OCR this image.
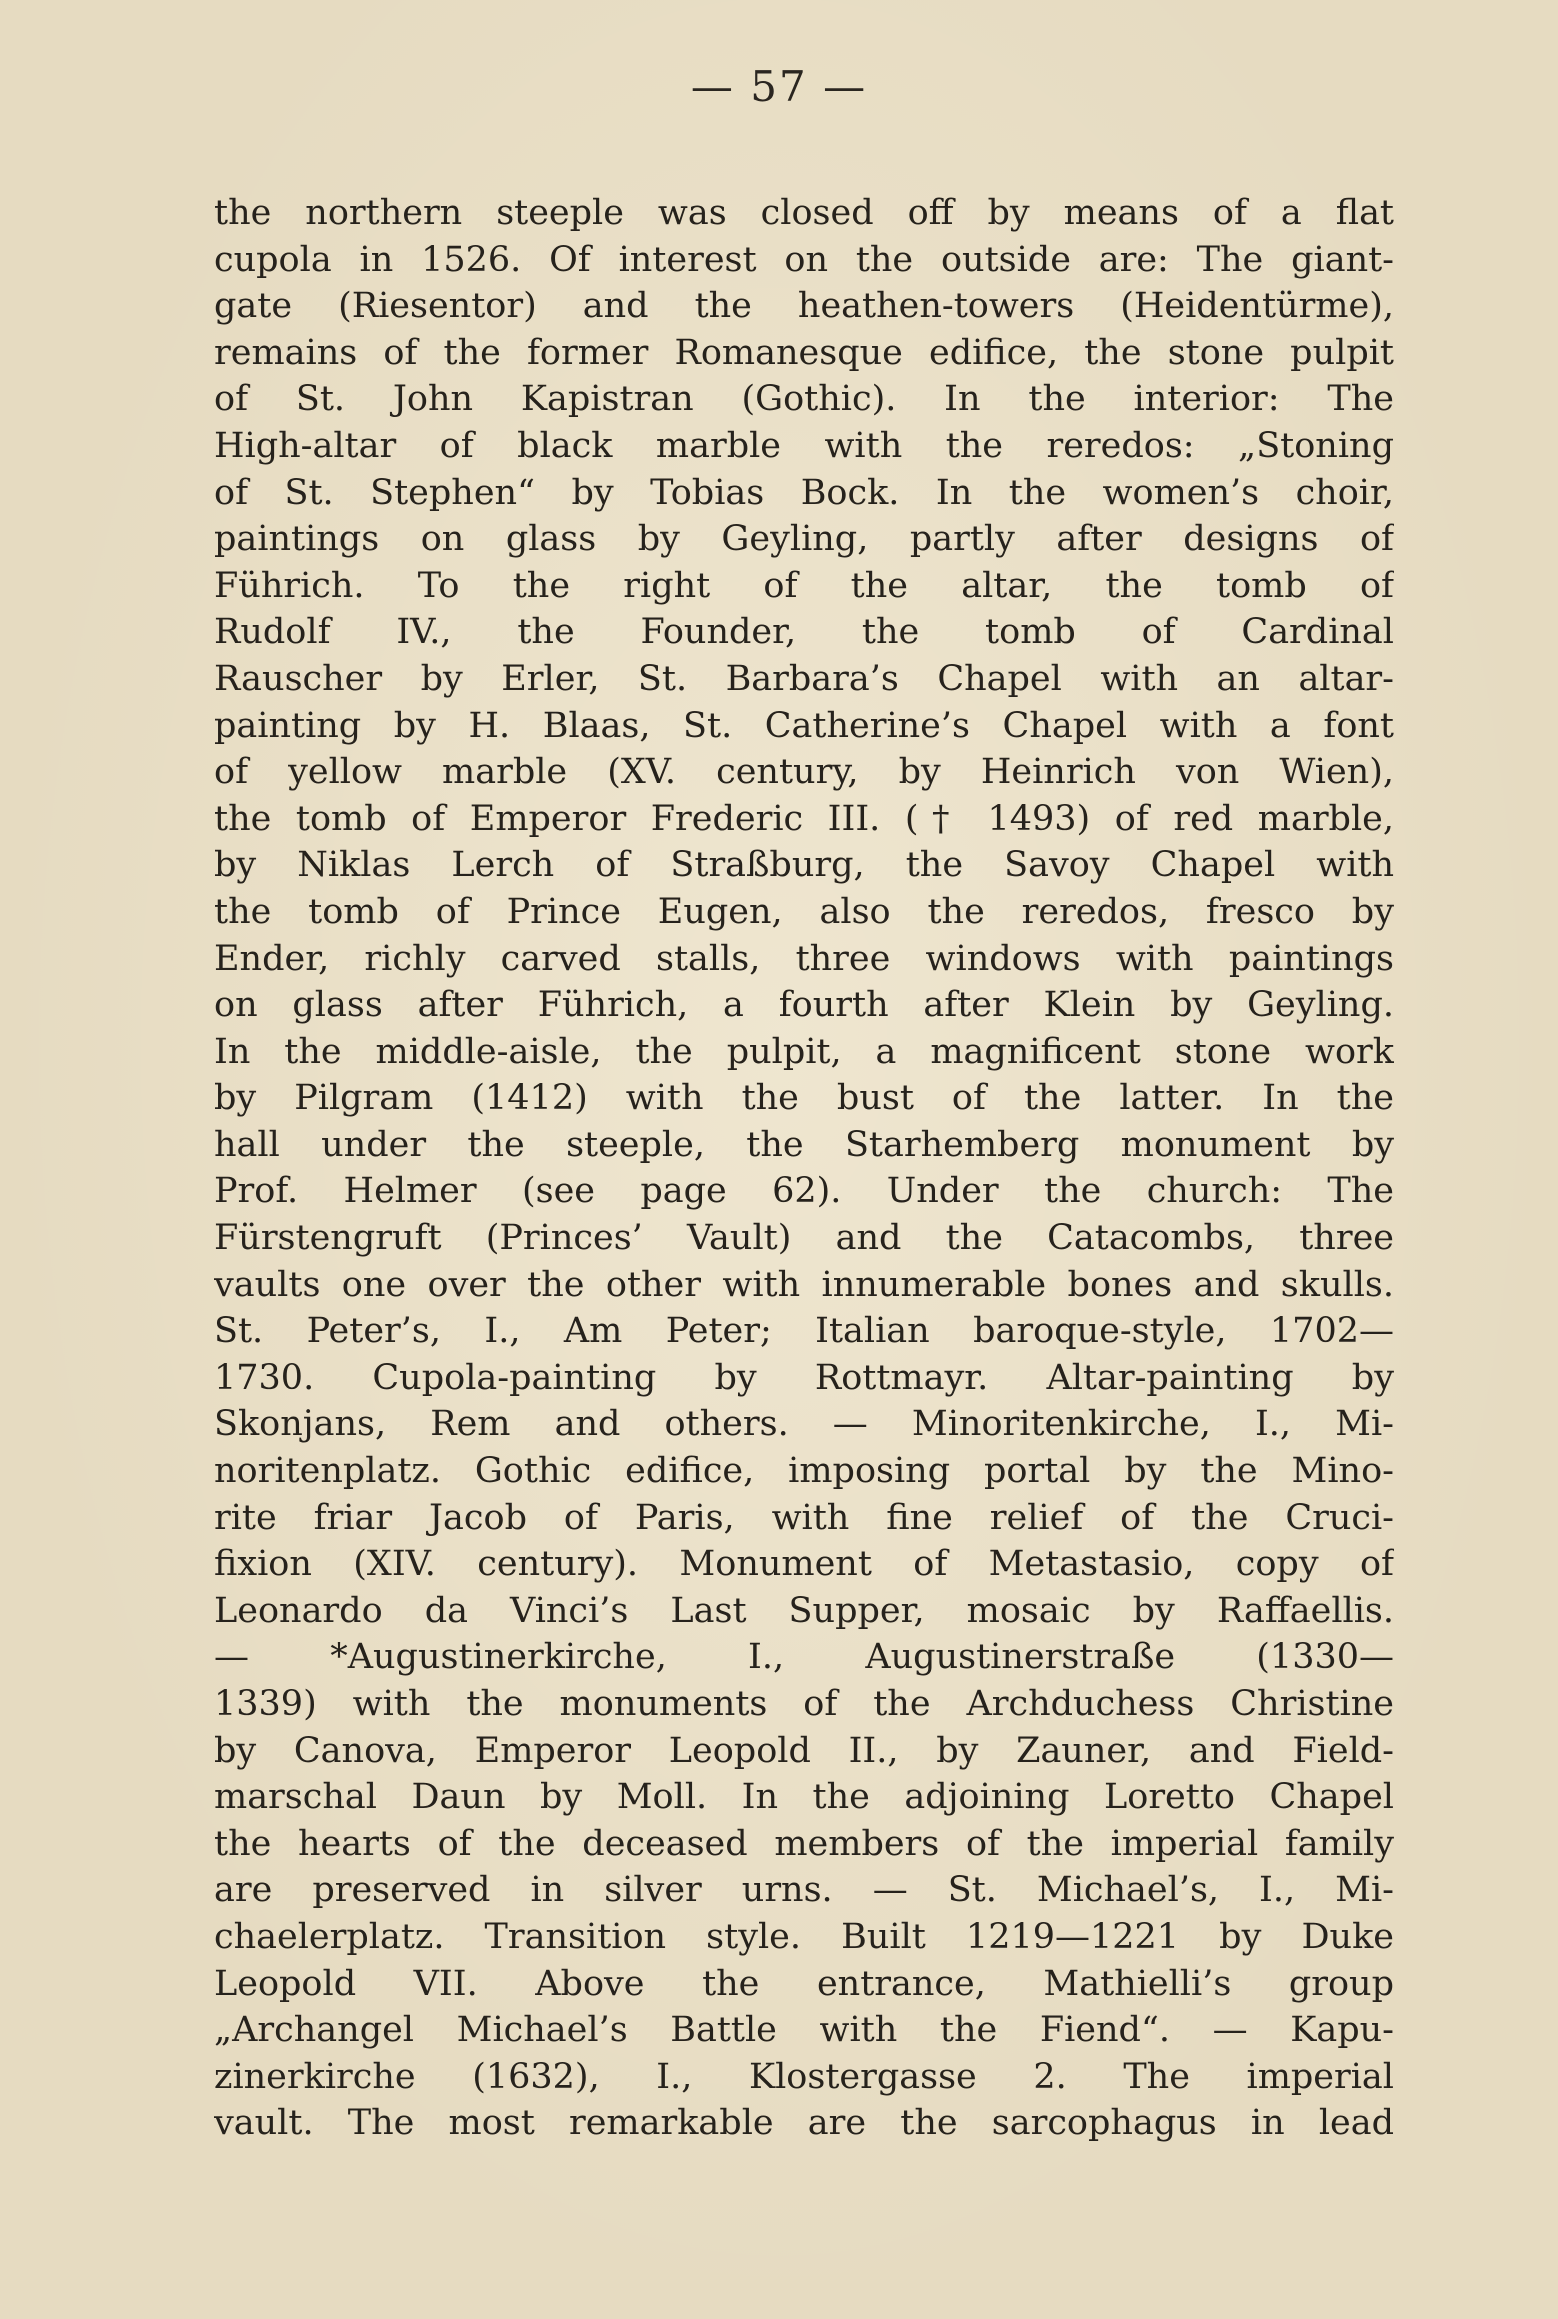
— 57 —
the northern steeple was closed off by means of a flat
cupola in 1526. Of interest on the outside are: The giant-
gate (Riesentor) and the heathen-towers (Heidentürme),
remains of the former Romanesque edifice, the stone pulpit
of St. John Kapistran (Gothic). In the interior: The
High-altar of black marble with the reredos: „Stoning
of St. Stephen“ by Tobias Bock. In the women’s choir,
paintings on glass by Geyling, partly after designs of
Führich. To the right of the altar, the tomb of
Rudolf IV., the Founder, the tomb of Cardinal
Rauscher by Erler, St. Barbara’s Chapel with an altar-
painting by H. Blaas, St. Catherine’s Chapel with a font
of yellow marble (XV. century, by Heinrich von Wien),
the tomb of Emperor Frederic III. († 1493) of red marble,
by Niklas Lerch of Straßburg, the Savoy Chapel with
the tomb of Prince Eugen, also the reredos, fresco by
Ender, richly carved stalls, three windows with paintings
on glass after Führich, a fourth after Klein by Geyling.
In the middle-aisle, the pulpit, a magnificent stone work
by Pilgram (1412) with the bust of the latter. In the
hall under the steeple, the Starhemberg monument by
Prof. Helmer (see page 62). Under the church: The
Fürstengruft (Princes’ Vault) and the Catacombs, three
vaults one over the other with innumerable bones and skulls.
St. Peter’s, I., Am Peter; Italian baroque-style, 1702—
1730. Cupola-painting by Rottmayr. Altar-painting by
Skonjans, Rem and others. — Minoritenkirche, I., Mi-
noritenplatz. Gothic edifice, imposing portal by the Mino-
rite friar Jacob of Paris, with fine relief of the Cruci-
fixion (XIV. century). Monument of Metastasio, copy of
Leonardo da Vinci’s Last Supper, mosaic by Raffaellis.
— *Augustinerkirche, I., Augustinerstraße (1330—
1339) with the monuments of the Archduchess Christine
by Canova, Emperor Leopold II., by Zauner, and Field-
marschal Daun by Moll. In the adjoining Loretto Chapel
the hearts of the deceased members of the imperial family
are preserved in silver urns. — St. Michael’s, I., Mi-
chaelerplatz. Transition style. Built 1219—1221 by Duke
Leopold VII. Above the entrance, Mathielli’s group
„Archangel Michael’s Battle with the Fiend“. — Kapu-
zinerkirche (1632), I., Klostergasse 2. The imperial
vault. The most remarkable are the sarcophagus in lead
